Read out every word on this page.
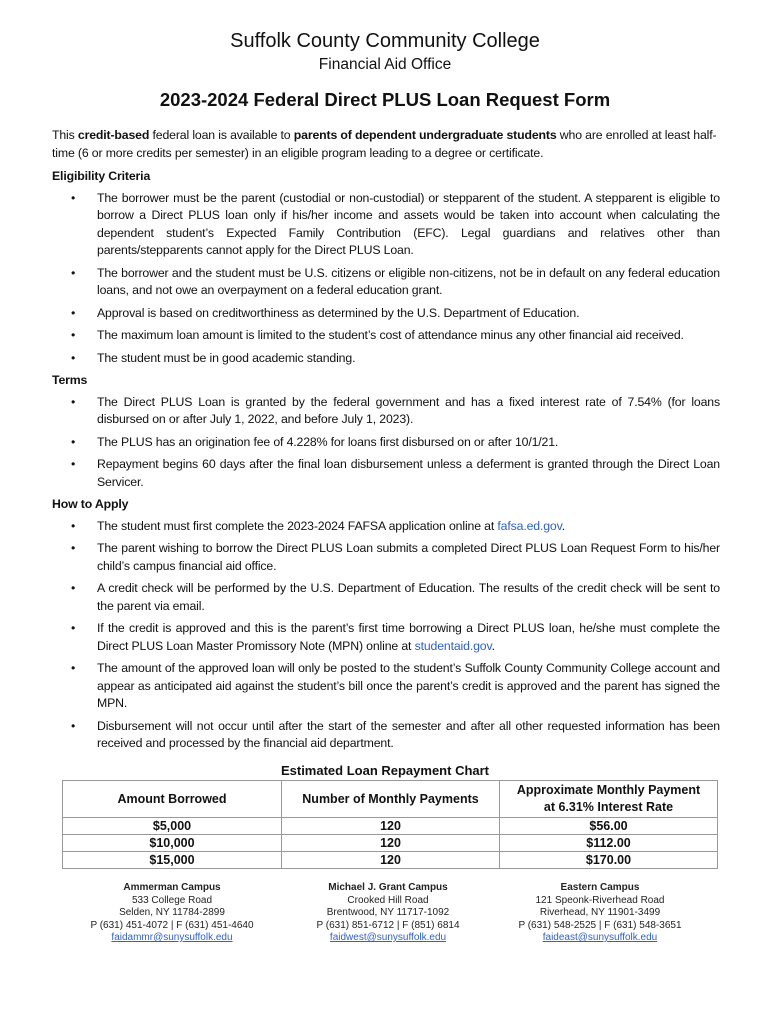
Suffolk County Community College
Financial Aid Office
2023-2024 Federal Direct PLUS Loan Request Form

This credit-based federal loan is available to parents of dependent undergraduate students who are enrolled at least half-time (6 or more credits per semester) in an eligible program leading to a degree or certificate.

Eligibility Criteria
• The borrower must be the parent (custodial or non-custodial) or stepparent of the student. A stepparent is eligible to borrow a Direct PLUS loan only if his/her income and assets would be taken into account when calculating the dependent student’s Expected Family Contribution (EFC). Legal guardians and relatives other than parents/stepparents cannot apply for the Direct PLUS Loan.
• The borrower and the student must be U.S. citizens or eligible non-citizens, not be in default on any federal education loans, and not owe an overpayment on a federal education grant.
• Approval is based on creditworthiness as determined by the U.S. Department of Education.
• The maximum loan amount is limited to the student’s cost of attendance minus any other financial aid received.
• The student must be in good academic standing.
Terms
• The Direct PLUS Loan is granted by the federal government and has a fixed interest rate of 7.54% (for loans disbursed on or after July 1, 2022, and before July 1, 2023).
• The PLUS has an origination fee of 4.228% for loans first disbursed on or after 10/1/21.
• Repayment begins 60 days after the final loan disbursement unless a deferment is granted through the Direct Loan Servicer.
How to Apply
• The student must first complete the 2023-2024 FAFSA application online at fafsa.ed.gov.
• The parent wishing to borrow the Direct PLUS Loan submits a completed Direct PLUS Loan Request Form to his/her child’s campus financial aid office.
• A credit check will be performed by the U.S. Department of Education. The results of the credit check will be sent to the parent via email.
• If the credit is approved and this is the parent’s first time borrowing a Direct PLUS loan, he/she must complete the Direct PLUS Loan Master Promissory Note (MPN) online at studentaid.gov.
• The amount of the approved loan will only be posted to the student’s Suffolk County Community College account and appear as anticipated aid against the student’s bill once the parent’s credit is approved and the parent has signed the MPN.
• Disbursement will not occur until after the start of the semester and after all other requested information has been received and processed by the financial aid department.
Estimated Loan Repayment Chart
Amount Borrowed	Number of Monthly Payments	Approximate Monthly Payment at 6.31% Interest Rate
$5,000	120	$56.00
$10,000	120	$112.00
$15,000	120	$170.00
Ammerman Campus
533 College Road
Selden, NY 11784-2899
P (631) 451-4072 | F (631) 451-4640
faidammr@sunysuffolk.edu
Michael J. Grant Campus
Crooked Hill Road
Brentwood, NY 11717-1092
P (631) 851-6712 | F (851) 6814
faidwest@sunysuffolk.edu
Eastern Campus
121 Speonk-Riverhead Road
Riverhead, NY 11901-3499
P (631) 548-2525 | F (631) 548-3651
faideast@sunysuffolk.edu
